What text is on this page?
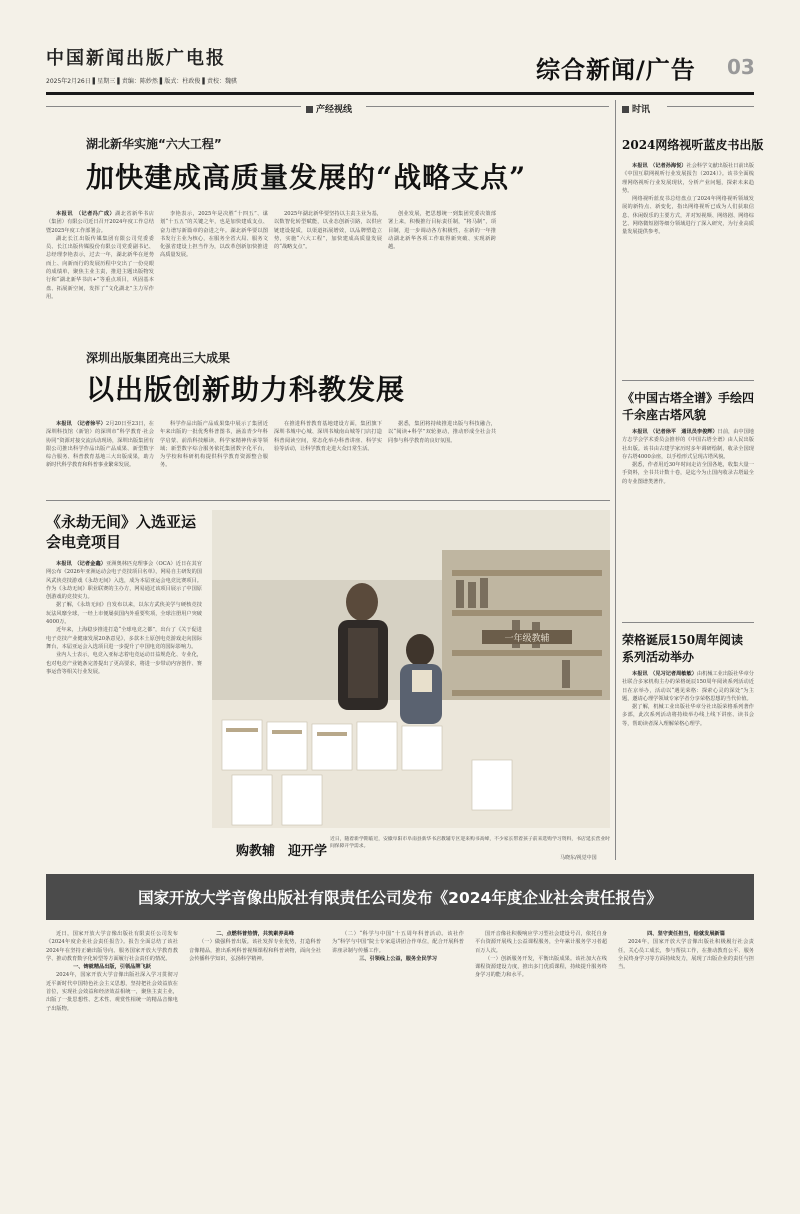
中国新闻出版广电报
2025年2月26日 ▌星期三 ▌责编：陈妙然 ▌版式：柱政俊 ▌责校：魏骐	综合新闻/广告 03
产经视线
湖北新华实施“六大工程”
加快建成高质量发展的“战略支点”

本报讯　（记者冯广成）湖北省新华书店（集团）有限公司近日召开2024年度工作总结暨2025年度工作部署会。

湖北长江出版传媒集团有限公司党委委员、长江出版传媒股份有限公司党委副书记、总经理李艳表示，过去一年，湖北新华在逆势而上、向新而行的发展历程中交出了一份亮眼的成绩单，聚焦主业主责，推进主题出版物发行和“湖北新华书店+”等重点项目，巩固基本盘、拓展新空间，发挥了“文化湖北”主力军作用。

李艳表示，2025年是决胜“十四五”、谋划“十五五”的关键之年，也是加快建成支点、奋力谱写新篇章的奋进之年。湖北新华要以图书发行主业为核心，在服务全省大局、服务文化强省建设上担当作为，以改革创新加快推进高质量发展。

2025年湖北新华要坚持以主责主业为基，以数智化转型赋能，以业态创新引路，以供应链建设提质，以渠道拓展增效，以品牌塑造立势，实施“六大工程”，加快建成高质量发展的“战略支点”。

创业发展，把思想统一到集团党委决策部署上来，积极推行目标责任制，“将马制”，项目制，进一步调动各方积极性，在新的一年推动湖北新华各项工作取得新突破、实现新跨越。

深圳出版集团亮出三大成果
以出版创新助力科教发展

本报讯　（记者徐平）2月20日至23日，在深圳科技馆（新馆）的深圳市“科学教育·社会协同”资源对接交流活动现场，深圳出版集团有限公司推出科学作品出版产品成果、新型数字综合服务、科普教育基地三大出版成果，助力新时代科学教育和科普事业繁荣发展。

科学作品出版产品成果集中展示了集团近年来出版的一批优秀科普图书，涵盖青少年科学启蒙、前沿科技解读、科学家精神传承等领域；新型数字综合服务依托集团数字化平台，为学校和科研机构提供科学教育资源整合服务。

在推进科普教育基地建设方面，集团旗下深圳书城中心城、深圳书城南山城等门店打造科普阅读空间，常态化举办科普讲座、科学实验等活动，让科学教育走进大众日常生活。

据悉，集团将持续推进出版与科技融合，以“阅读+科学”双轮驱动，推动形成全社会共同参与科学教育的良好氛围。

《永劫无间》入选亚运会电竞项目

本报讯　（记者金鑫）亚洲奥林匹克理事会（OCA）近日在其官网公布《2026年亚洲运动会电子竞技项目名单》，网易自主研发的国风武侠竞技游戏《永劫无间》入选，成为本届亚运会电竞比赛项目。作为《永劫无间》职业联赛的主办方，网易通过该项目展示了中国原创游戏的竞技实力。

据了解，《永劫无间》自发布以来，以东方武侠美学与硬核竞技玩法风靡全球，一经上市便屡获国内外重要奖项，全球注册用户突破4000万。

近年来，上海稳步推进打造“全球电竞之都”，出台了《关于促进电子竞技产业健康发展20条意见》，多款本土原创电竞游戏走向国际舞台，本届亚运会入选项目进一步提升了中国电竞的国际影响力。

业内人士表示，电竞入亚标志着电竞运动日益规范化、专业化，也对电竞产业链条完善提出了更高要求，将进一步带动内容创作、赛事运营等相关行业发展。

一年级教辅
购教辅　迎开学
近日，随着新学期临近，安徽阜阳市阜南县新华书店教辅专区迎来购书高峰，不少家长带着孩子前来选购学习资料，书店延长营业时间保障开学需求。
马晓东/视觉中国
时讯
2024网络视听蓝皮书出版

本报讯　（记者孙海悦）社会科学文献出版社日前出版《中国互联网视听行业发展报告（2024）》。该书全面梳理网络视听行业发展现状，分析产业问题，探索未来趋势。

网络视听蓝皮书总结盘点了2024年网络视听领域发展的新特点、新变化，指出网络视听已成为人们获取信息、休闲娱乐的主要方式，并对短视频、网络剧、网络综艺、网络微短剧等细分领域进行了深入研究，为行业高质量发展提供参考。

《中国古塔全谱》手绘四千余座古塔风貌

本报讯　（记者徐平　通讯员李俊辉）日前，由中国地方志学会学术委员会推荐的《中国古塔全谱》由人民出版社出版。该书由古建学家历时多年调研绘制，收录全国现存古塔4000余座，以手绘形式呈现古塔风貌。

据悉，作者用近30年时间走访全国各地，收集大量一手资料，全书共计数十卷，是迄今为止国内收录古塔最全的专业图谱类著作。

荣格诞辰150周年阅读系列活动举办

本报讯　（见习记者周敏敏）由机械工业出版社华章分社联合多家机构主办的荣格诞辰150周年阅读系列活动近日在京举办，活动以“遇见荣格：探索心灵的深处”为主题，邀请心理学领域专家学者分享荣格思想的当代价值。

据了解，机械工业出版社华章分社出版荣格系列著作多部，此次系列活动将持续举办线上线下讲座、读书会等，帮助读者深入理解荣格心理学。

国家开放大学音像出版社有限责任公司发布《2024年度企业社会责任报告》

近日，国家开放大学音像出版社有限责任公司发布《2024年度企业社会责任报告》。报告全面总结了该社2024年在坚持正确出版导向、服务国家开放大学教育教学、推动教育数字化转型等方面履行社会责任的情况。

一、铸就精品出版，引领品牌飞跃

2024年，国家开放大学音像出版社深入学习贯彻习近平新时代中国特色社会主义思想，坚持把社会效益放在首位，实现社会效益和经济效益相统一，聚焦主责主业，出版了一批思想性、艺术性、观赏性相统一的精品音像电子出版物。

二、点燃科普热情，共筑素养高峰

（一）做强科普出版。该社发挥专业优势，打造科普音像精品，推出系列科普视频课程和科普读物，面向全社会传播科学知识，弘扬科学精神。

（二）“科学与中国”十五周年科普活动。该社作为“科学与中国”院士专家巡讲团合作单位，配合开展科普讲座录制与传播工作。

三、引领线上公益，服务全民学习

国开音像社积极响应学习型社会建设号召，依托自身平台资源开展线上公益课程服务，全年累计服务学习者超百万人次。

（一）创新服务开发，平衡出版成果。该社加大在线课程资源建设力度，推出多门优质课程，持续提升服务终身学习的能力和水平。

四、坚守责任担当，绘就发展新篇

2024年，国家开放大学音像出版社积极履行社会责任，关心员工成长，参与帮扶工作，在推动教育公平、服务全民终身学习等方面持续发力，展现了出版企业的责任与担当。
